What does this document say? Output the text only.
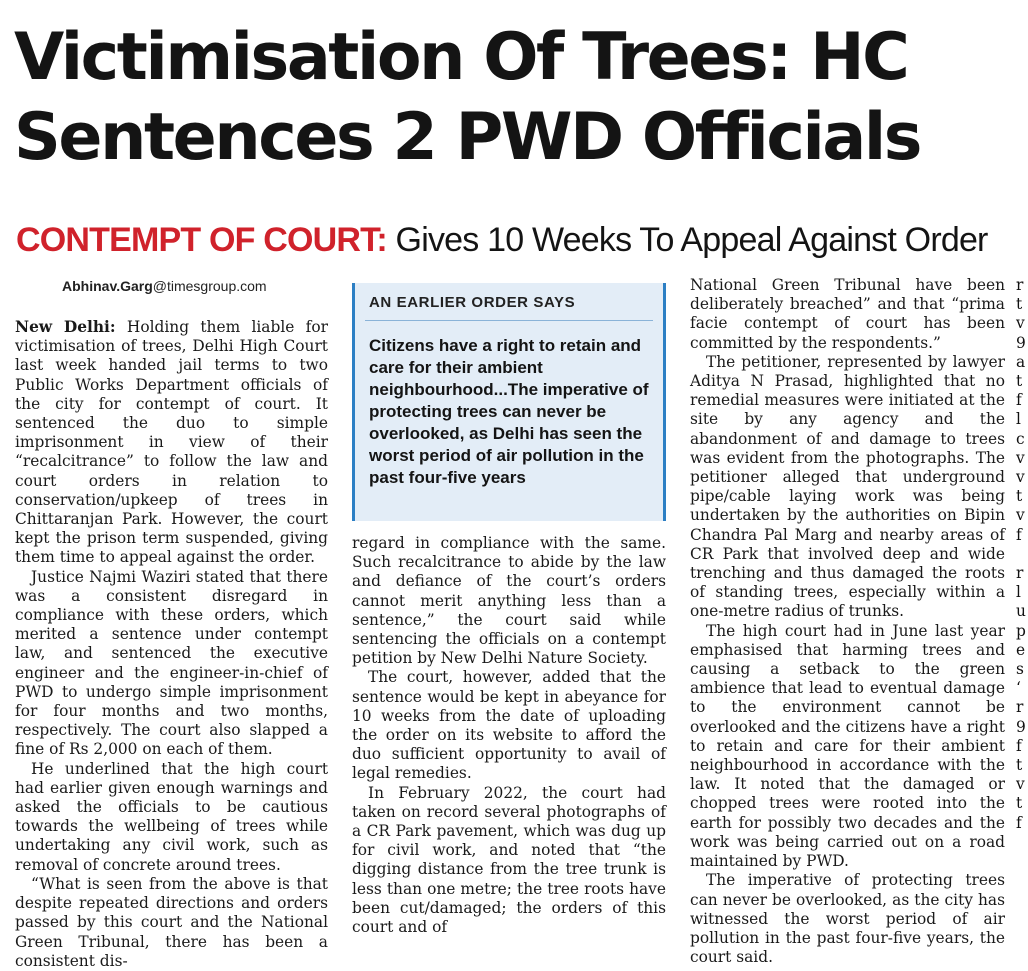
Victimisation Of Trees: HC
Sentences 2 PWD Officials
CONTEMPT OF COURT: Gives 10 Weeks To Appeal Against Order
Abhinav.Garg@timesgroup.com

New Delhi: Holding them liable for victimisation of trees, Delhi High Court last week handed jail terms to two Public Works Department officials of the city for contempt of court. It sentenced the duo to simple imprisonment in view of their “recalcitrance” to follow the law and court orders in relation to conservation/upkeep of trees in Chittaranjan Park. However, the court kept the prison term suspended, giving them time to appeal against the order.

Justice Najmi Waziri stated that there was a consistent disregard in compliance with these orders, which merited a sentence under contempt law, and sentenced the executive engineer and the engineer-in-chief of PWD to undergo simple imprisonment for four months and two months, respectively. The court also slapped a fine of Rs 2,000 on each of them.

He underlined that the high court had earlier given enough warnings and asked the officials to be cautious towards the wellbeing of trees while undertaking any civil work, such as removal of concrete around trees.

“What is seen from the above is that despite repeated directions and orders passed by this court and the National Green Tribunal, there has been a consistent dis-

AN EARLIER ORDER SAYS
Citizens have a right to retain and care for their ambient neighbourhood...The imperative of protecting trees can never be overlooked, as Delhi has seen the worst period of air pollution in the past four-five years

regard in compliance with the same. Such recalcitrance to abide by the law and defiance of the court’s orders cannot merit anything less than a sentence,” the court said while sentencing the officials on a contempt petition by New Delhi Nature Society.

The court, however, added that the sentence would be kept in abeyance for 10 weeks from the date of uploading the order on its website to afford the duo sufficient opportunity to avail of legal remedies.

In February 2022, the court had taken on record several photographs of a CR Park pavement, which was dug up for civil work, and noted that “the digging distance from the tree trunk is less than one metre; the tree roots have been cut/damaged; the orders of this court and of

National Green Tribunal have been deliberately breached” and that “prima facie contempt of court has been committed by the respondents.”

The petitioner, represented by lawyer Aditya N Prasad, highlighted that no remedial measures were initiated at the site by any agency and the abandonment of and damage to trees was evident from the photographs. The petitioner alleged that underground pipe/cable laying work was being undertaken by the authorities on Bipin Chandra Pal Marg and nearby areas of CR Park that involved deep and wide trenching and thus damaged the roots of standing trees, especially within a one-metre radius of trunks.

The high court had in June last year emphasised that harming trees and causing a setback to the green ambience that lead to eventual damage to the environment cannot be overlooked and the citizens have a right to retain and care for their ambient neighbourhood in accordance with the law. It noted that the damaged or chopped trees were rooted into the earth for possibly two decades and the work was being carried out on a road maintained by PWD.

The imperative of protecting trees can never be overlooked, as the city has witnessed the worst period of air pollution in the past four-five years, the court said.

r
t
v
9
a
t
f
l
c
v
v
t
v
f

r
l
u
p
e
s
‘
r
9
f
t
v
t
f
